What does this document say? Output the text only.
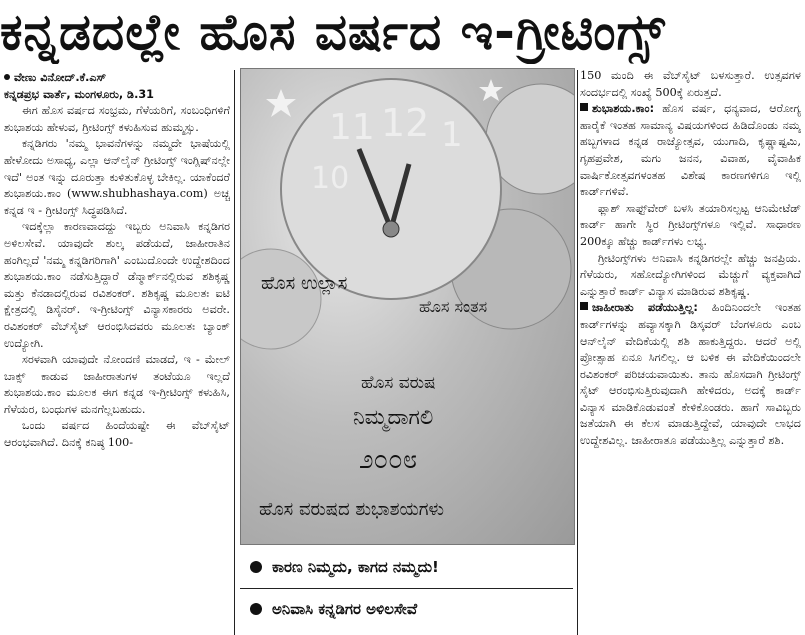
ಕನ್ನಡದಲ್ಲೇ ಹೊಸ ವರ್ಷದ ಇ-ಗ್ರೀಟಿಂಗ್ಸ್
ವೇಣು ವಿನೋದ್.ಕೆ.ಎಸ್
ಕನ್ನಡಪ್ರಭ ವಾರ್ತೆ, ಮಂಗಳೂರು, ಡಿ.31

ಈಗ ಹೊಸ ವರ್ಷದ ಸಂಭ್ರಮ, ಗೆಳೆಯರಿಗೆ, ಸಂಬಂಧಿಗಳಿಗೆ ಶುಭಾಶಯ ಹೇಳುವ, ಗ್ರೀಟಿಂಗ್ಸ್ ಕಳುಹಿಸುವ ಹುಮ್ಮಸ್ಸು.

ಕನ್ನಡಿಗರು 'ನಮ್ಮ ಭಾವನೆಗಳನ್ನು ನಮ್ಮದೇ ಭಾಷೆಯಲ್ಲಿ ಹೇಳೋದು ಅಸಾಧ್ಯ, ಎಲ್ಲಾ ಆನ್‌ಲೈನ್ ಗ್ರೀಟಿಂಗ್ಸ್ ಇಂಗ್ಲಿಷ್‌ನಲ್ಲೇ ಇದೆ' ಅಂತ ಇನ್ನು ದೂರುತ್ತಾ ಕುಳಿತುಕೊಳ್ಳ ಬೇಕಿಲ್ಲ. ಯಾಕೆಂದರೆ ಶುಭಾಶಯ.ಕಾಂ (www.shubhashaya.com) ಅಚ್ಚ ಕನ್ನಡ ಇ - ಗ್ರೀಟಿಂಗ್ಸ್ ಸಿದ್ಧಪಡಿಸಿದೆ.

ಇದಕ್ಕೆಲ್ಲಾ ಕಾರಣವಾದದ್ದು ಇಬ್ಬರು ಅನಿವಾಸಿ ಕನ್ನಡಿಗರ ಅಳಿಲಸೇವೆ. ಯಾವುದೇ ಶುಲ್ಕ ಪಡೆಯದೆ, ಜಾಹೀರಾತಿನ ಹಂಗಿಲ್ಲದೆ 'ನಮ್ಮ ಕನ್ನಡಿಗರಿಗಾಗಿ' ಎಂಬುದೊಂದೇ ಉದ್ದೇಶದಿಂದ ಶುಭಾಶಯ.ಕಾಂ ನಡೆಸುತ್ತಿದ್ದಾರೆ ಡೆನ್ಮಾರ್ಕ್‌ನಲ್ಲಿರುವ ಶಶಿಕೃಷ್ಣ ಮತ್ತು ಕೆನಡಾದಲ್ಲಿರುವ ರವಿಶಂಕರ್. ಶಶಿಕೃಷ್ಣ ಮೂಲತಃ ಐಟಿ ಕ್ಷೇತ್ರದಲ್ಲಿ ಡಿಸೈನರ್. ಇ-ಗ್ರೀಟಿಂಗ್ಸ್ ವಿನ್ಯಾಸಕಾರರು ಅವರೇ. ರವಿಶಂಕರ್ ವೆಬ್‌ಸೈಟ್ ಆರಂಭಿಸಿದವರು ಮೂಲತಃ ಬ್ಯಾಂಕ್ ಉದ್ಯೋಗಿ.

ಸರಳವಾಗಿ ಯಾವುದೇ ನೋಂದಣಿ ಮಾಡದೆ, ಇ - ಮೇಲ್ ಬಾಕ್ಸ್ ಕಾಡುವ ಜಾಹೀರಾತುಗಳ ತಂಟೆಯೂ ಇಲ್ಲದೆ ಶುಭಾಶಯ.ಕಾಂ ಮೂಲಕ ಈಗ ಕನ್ನಡ ಇ-ಗ್ರೀಟಿಂಗ್ಸ್ ಕಳುಹಿಸಿ, ಗೆಳೆಯರ, ಬಂಧುಗಳ ಮನಗೆಲ್ಲಬಹುದು.

ಒಂದು ವರ್ಷದ ಹಿಂದೆಯಷ್ಟೇ ಈ ವೆಬ್‌ಸೈಟ್ ಆರಂಭವಾಗಿದೆ. ದಿನಕ್ಕೆ ಕನಿಷ್ಠ 100-

11 12 1
10
ಹೊಸ ಉಲ್ಲಾಸ
ಹೊಸ ಸಂತಸ
ಹೊಸ ವರುಷ
ನಿಮ್ಮದಾಗಲಿ
೨೦೦೮
ಹೊಸ ವರುಷದ ಶುಭಾಶಯಗಳು
ಕಾರಣ ನಿಮ್ಮದು, ಕಾಗದ ನಮ್ಮದು!
ಅನಿವಾಸಿ ಕನ್ನಡಿಗರ ಅಳಿಲಸೇವೆ

150 ಮಂದಿ ಈ ವೆಬ್‌ಸೈಟ್ ಬಳಸುತ್ತಾರೆ. ಉತ್ಸವಗಳ ಸಂದರ್ಭದಲ್ಲಿ ಸಂಖ್ಯೆ 500ಕ್ಕೆ ಏರುತ್ತದೆ.

ಶುಭಾಶಯ.ಕಾಂ: ಹೊಸ ವರ್ಷ, ಧನ್ಯವಾದ, ಆರೋಗ್ಯ ಹಾರೈಕೆ ಇಂತಹ ಸಾಮಾನ್ಯ ವಿಷಯಗಳಿಂದ ಹಿಡಿದೊಂಡು ನಮ್ಮ ಹಬ್ಬಗಳಾದ ಕನ್ನಡ ರಾಜ್ಯೋತ್ಸವ, ಯುಗಾದಿ, ಕೃಷ್ಣಾಷ್ಟಮಿ, ಗೃಹಪ್ರವೇಶ, ಮಗು ಜನನ, ವಿವಾಹ, ವೈವಾಹಿಕ ವಾರ್ಷಿಕೋತ್ಸವಗಳಂತಹ ವಿಶೇಷ ಕಾರಣಗಳಿಗೂ ಇಲ್ಲಿ ಕಾರ್ಡ್‌ಗಳಿವೆ.

ಫ್ಲಾಶ್ ಸಾಫ್ಟ್‌ವೇರ್ ಬಳಸಿ ತಯಾರಿಸಲ್ಪಟ್ಟ ಆನಿಮೇಟೆಡ್ ಕಾರ್ಡ್ ಹಾಗೇ ಸ್ಥಿರ ಗ್ರೀಟಿಂಗ್ಸ್‌ಗಳೂ ಇಲ್ಲಿವೆ. ಸಾಧಾರಣ 200ಕ್ಕೂ ಹೆಚ್ಚು ಕಾರ್ಡ್‌ಗಳು ಲಭ್ಯ.

ಗ್ರೀಟಿಂಗ್ಸ್‌ಗಳು ಅನಿವಾಸಿ ಕನ್ನಡಿಗರಲ್ಲೇ ಹೆಚ್ಚು ಜನಪ್ರಿಯ. ಗೆಳೆಯರು, ಸಹೋದ್ಯೋಗಿಗಳಿಂದ ಮೆಚ್ಚುಗೆ ವ್ಯಕ್ತವಾಗಿದೆ ಎನ್ನುತ್ತಾರೆ ಕಾರ್ಡ್ ವಿನ್ಯಾಸ ಮಾಡಿರುವ ಶಶಿಕೃಷ್ಣ.

ಜಾಹೀರಾತು ಪಡೆಯುತ್ತಿಲ್ಲ: ಹಿಂದಿನಿಂದಲೇ ಇಂತಹ ಕಾರ್ಡ್‌ಗಳನ್ನು ಹವ್ಯಾಸಕ್ಕಾಗಿ ಡಿಸ್ಕವರ್ ಬೆಂಗಳೂರು ಎಂಬ ಆನ್‌ಲೈನ್ ವೇದಿಕೆಯಲ್ಲಿ ಶಶಿ ಹಾಕುತ್ತಿದ್ದರು. ಆದರೆ ಅಲ್ಲಿ ಪ್ರೋತ್ಸಾಹ ಏನೂ ಸಿಗಲಿಲ್ಲ. ಆ ಬಳಿಕ ಈ ವೇದಿಕೆಯಿಂದಲೇ ರವಿಶಂಕರ್ ಪರಿಚಯವಾಯಿತು. ತಾನು ಹೊಸದಾಗಿ ಗ್ರೀಟಿಂಗ್ಸ್ ಸೈಟ್ ಆರಂಭಿಸುತ್ತಿರುವುದಾಗಿ ಹೇಳಿದರು, ಅದಕ್ಕೆ ಕಾರ್ಡ್ ವಿನ್ಯಾಸ ಮಾಡಿಕೊಡುವಂತೆ ಕೇಳಿಕೊಂಡರು. ಹಾಗೆ ಸಾವಿಬ್ಬರು ಜತೆಯಾಗಿ ಈ ಕೆಲಸ ಮಾಡುತ್ತಿದ್ದೇವೆ, ಯಾವುದೇ ಲಾಭದ ಉದ್ದೇಶವಿಲ್ಲ. ಜಾಹೀರಾತೂ ಪಡೆಯುತ್ತಿಲ್ಲ ಎನ್ನುತ್ತಾರೆ ಶಶಿ.
